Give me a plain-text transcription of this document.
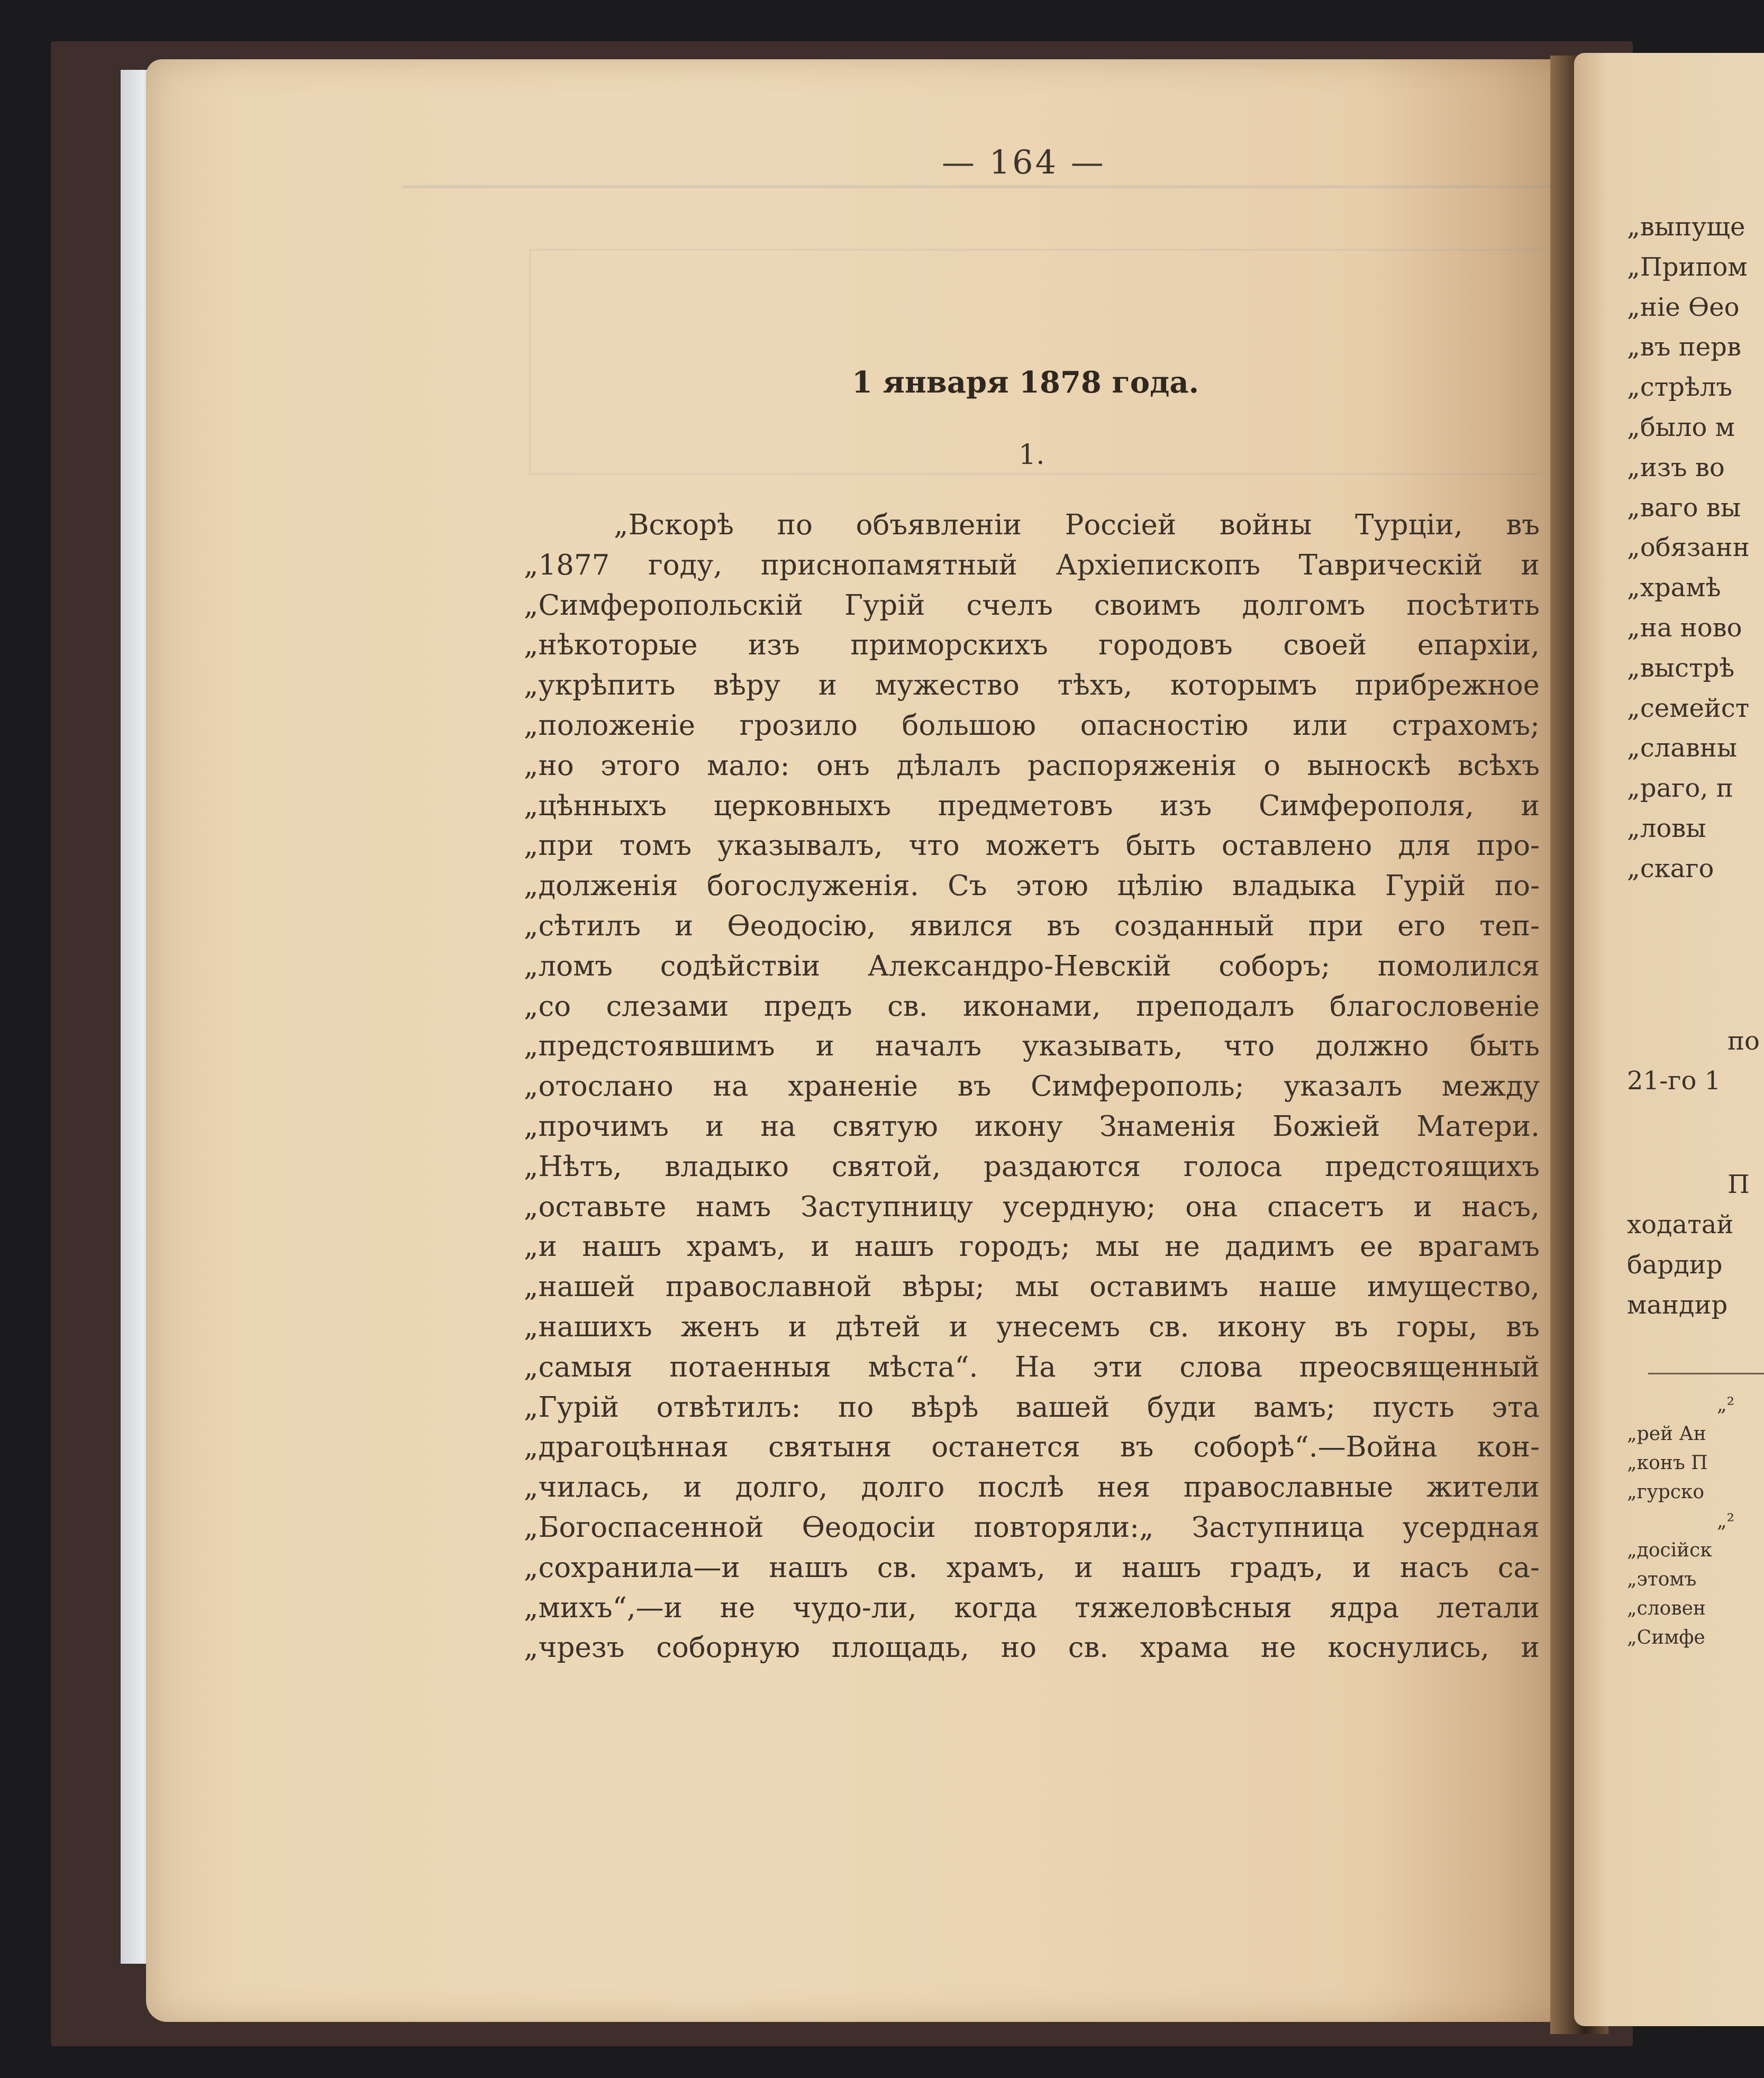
— 164 —
1 января 1878 года.
1.
„Вскорѣ по объявленіи Россіей войны Турціи, въ
„1877 году, приснопамятный Архіепископъ Таврическій и
„Симферопольскій Гурій счелъ своимъ долгомъ посѣтить
„нѣкоторые изъ приморскихъ городовъ своей епархіи,
„укрѣпить вѣру и мужество тѣхъ, которымъ прибрежное
„положеніе грозило большою опасностію или страхомъ;
„но этого мало: онъ дѣлалъ распоряженія о выноскѣ всѣхъ
„цѣнныхъ церковныхъ предметовъ изъ Симферополя, и
„при томъ указывалъ, что можетъ быть оставлено для про-
„долженія богослуженія. Съ этою цѣлію владыка Гурій по-
„сѣтилъ и Ѳеодосію, явился въ созданный при его теп-
„ломъ содѣйствіи Александро-Невскій соборъ; помолился
„со слезами предъ св. иконами, преподалъ благословеніе
„предстоявшимъ и началъ указывать, что должно быть
„отослано на храненіе въ Симферополь; указалъ между
„прочимъ и на святую икону Знаменія Божіей Матери.
„Нѣтъ, владыко святой, раздаются голоса предстоящихъ
„оставьте намъ Заступницу усердную; она спасетъ и насъ,
„и нашъ храмъ, и нашъ городъ; мы не дадимъ ее врагамъ
„нашей православной вѣры; мы оставимъ наше имущество,
„нашихъ женъ и дѣтей и унесемъ св. икону въ горы, въ
„самыя потаенныя мѣста“. На эти слова преосвященный
„Гурій отвѣтилъ: по вѣрѣ вашей буди вамъ; пусть эта
„драгоцѣнная святыня останется въ соборѣ“.—Война кон-
„чилась, и долго, долго послѣ нея православные жители
„Богоспасенной Ѳеодосіи повторяли:„ Заступница усердная
„сохранила—и нашъ св. храмъ, и нашъ градъ, и насъ са-
„михъ“,—и не чудо-ли, когда тяжеловѣсныя ядра летали
„чрезъ соборную площадь, но св. храма не коснулись, и
„выпуще
„Припом
„ніе Ѳео
„въ перв
„стрѣлъ
„было м
„изъ во
„ваго вы
„обязанн
„храмѣ
„на ново
„выстрѣ
„семейст
„славны
„раго, п
„ловы
„скаго
по
21-го 1
П
ходатай
бардир
мандир
„²
„рей Ан
„конъ П
„гурско
„²
„досійск
„этомъ
„словен
„Симфе
